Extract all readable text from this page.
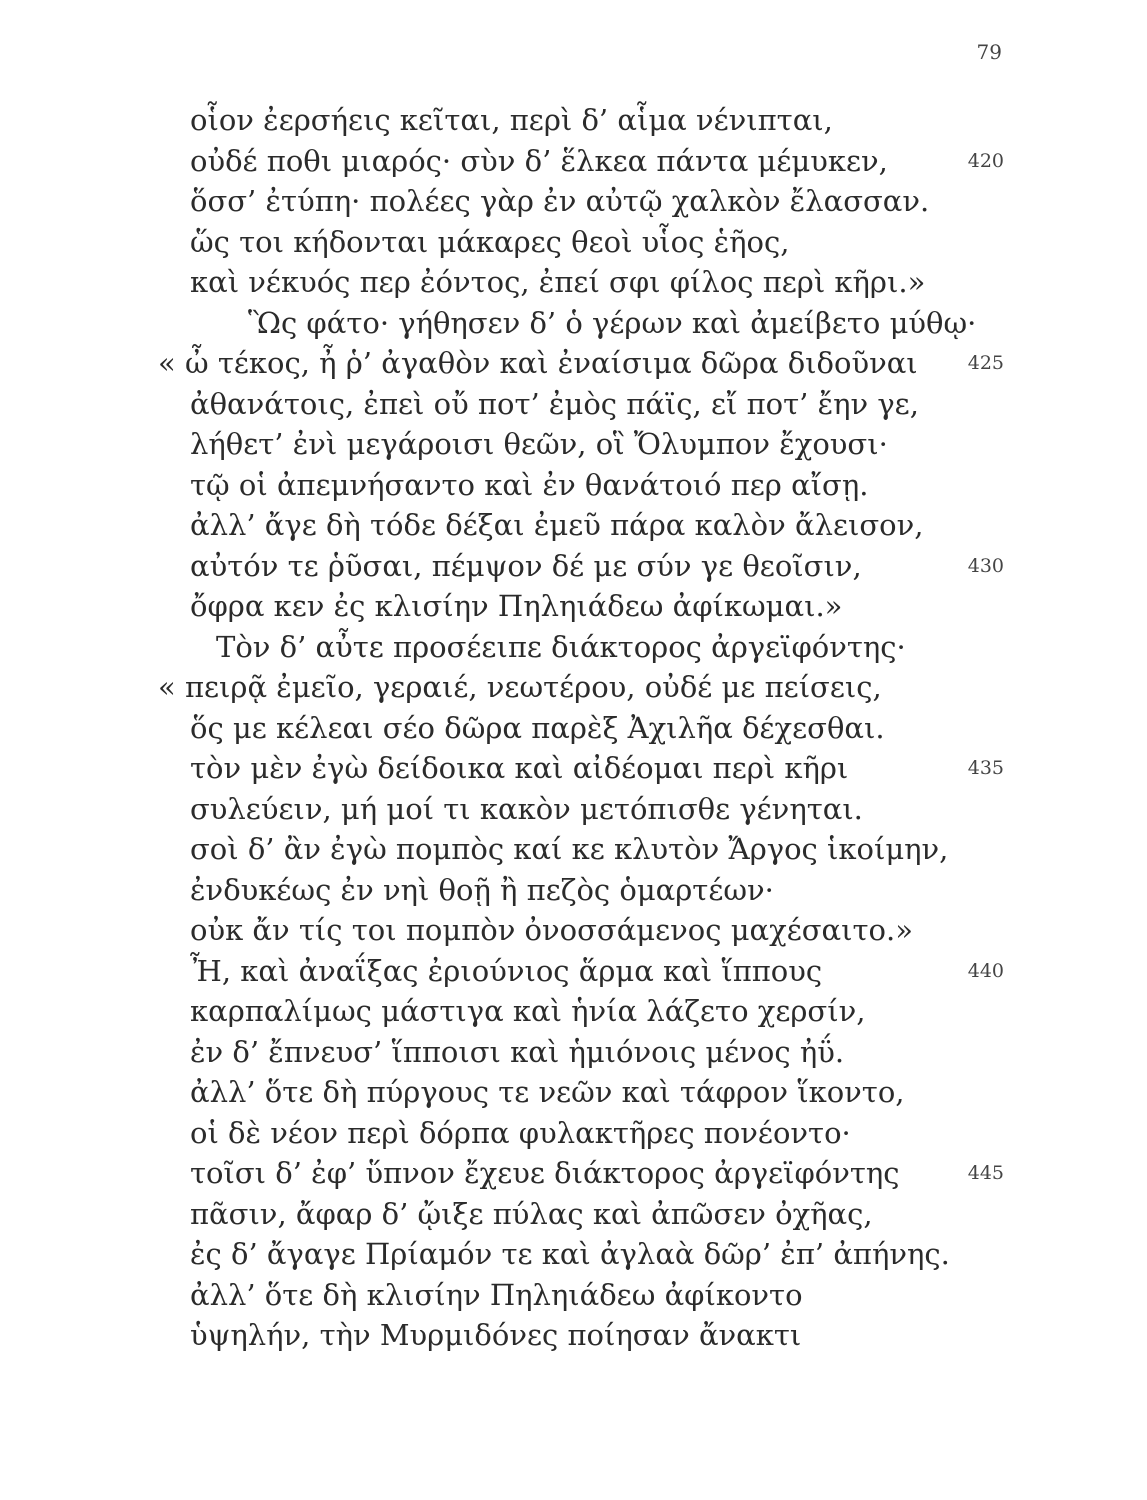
79
οἷον ἐερσήεις κεῖται, περὶ δ’ αἷμα νένιπται,
οὐδέ ποθι μιαρός· σὺν δ’ ἕλκεα πάντα μέμυκεν,	420
ὅσσ’ ἐτύπη· πολέες γὰρ ἐν αὐτῷ χαλκὸν ἔλασσαν.
ὥς τοι κήδονται μάκαρες θεοὶ υἷος ἑῆος,
καὶ νέκυός περ ἐόντος, ἐπεί σφι φίλος περὶ κῆρι.»
Ὣς φάτο· γήθησεν δ’ ὁ γέρων καὶ ἀμείβετο μύθῳ·
« ὦ τέκος, ἦ ῥ’ ἀγαθὸν καὶ ἐναίσιμα δῶρα διδοῦναι	425
ἀθανάτοις, ἐπεὶ οὔ ποτ’ ἐμὸς πάϊς, εἴ ποτ’ ἔην γε,
λήθετ’ ἐνὶ μεγάροισι θεῶν, οἳ Ὄλυμπον ἔχουσι·
τῷ οἱ ἀπεμνήσαντο καὶ ἐν θανάτοιό περ αἴσῃ.
ἀλλ’ ἄγε δὴ τόδε δέξαι ἐμεῦ πάρα καλὸν ἄλεισον,
αὐτόν τε ῥῦσαι, πέμψον δέ με σύν γε θεοῖσιν,	430
ὄφρα κεν ἐς κλισίην Πηληιάδεω ἀφίκωμαι.»
Τὸν δ’ αὖτε προσέειπε διάκτορος ἀργεϊφόντης·
« πειρᾷ ἐμεῖο, γεραιέ, νεωτέρου, οὐδέ με πείσεις,
ὅς με κέλεαι σέο δῶρα παρὲξ Ἀχιλῆα δέχεσθαι.
τὸν μὲν ἐγὼ δείδοικα καὶ αἰδέομαι περὶ κῆρι	435
συλεύειν, μή μοί τι κακὸν μετόπισθε γένηται.
σοὶ δ’ ἂν ἐγὼ πομπὸς καί κε κλυτὸν Ἄργος ἱκοίμην,
ἐνδυκέως ἐν νηὶ θοῇ ἢ πεζὸς ὁμαρτέων·
οὐκ ἄν τίς τοι πομπὸν ὀνοσσάμενος μαχέσαιτο.»
Ἦ, καὶ ἀναΐξας ἐριούνιος ἅρμα καὶ ἵππους	440
καρπαλίμως μάστιγα καὶ ἡνία λάζετο χερσίν,
ἐν δ’ ἔπνευσ’ ἵπποισι καὶ ἡμιόνοις μένος ἠΰ.
ἀλλ’ ὅτε δὴ πύργους τε νεῶν καὶ τάφρον ἵκοντο,
οἱ δὲ νέον περὶ δόρπα φυλακτῆρες πονέοντο·
τοῖσι δ’ ἐφ’ ὕπνον ἔχευε διάκτορος ἀργεϊφόντης	445
πᾶσιν, ἄφαρ δ’ ᾤιξε πύλας καὶ ἀπῶσεν ὀχῆας,
ἐς δ’ ἄγαγε Πρίαμόν τε καὶ ἀγλαὰ δῶρ’ ἐπ’ ἀπήνης.
ἀλλ’ ὅτε δὴ κλισίην Πηληιάδεω ἀφίκοντο
ὑψηλήν, τὴν Μυρμιδόνες ποίησαν ἄνακτι
